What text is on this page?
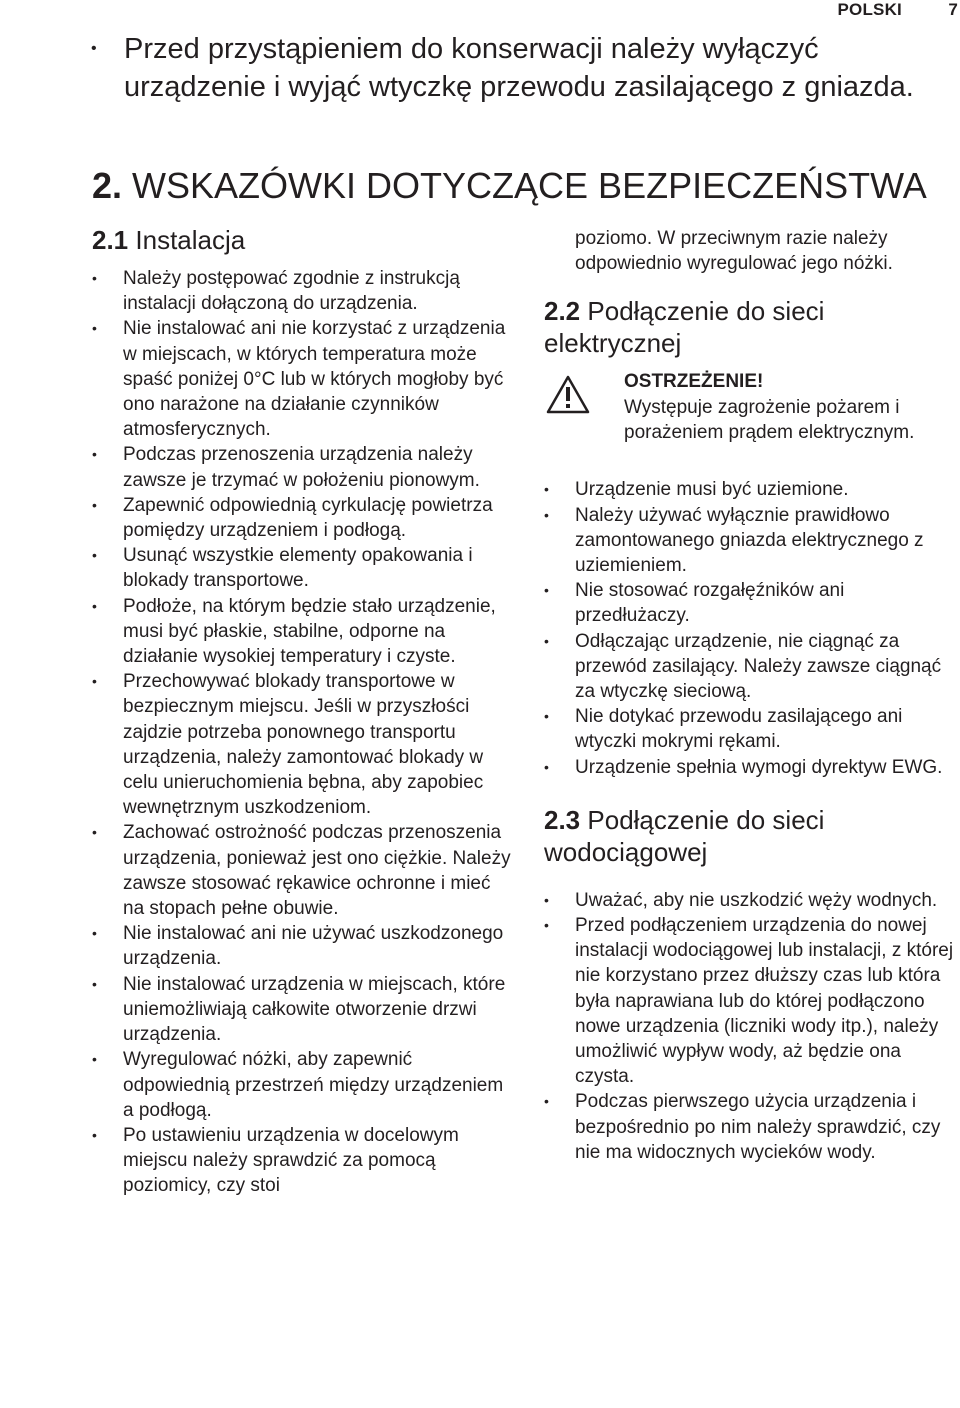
POLSKI	7
• Przed przystąpieniem do konserwacji należy wyłączyć urządzenie i wyjąć wtyczkę przewodu zasilającego z gniazda.
2. WSKAZÓWKI DOTYCZĄCE BEZPIECZEŃSTWA
2.1 Instalacja
• Należy postępować zgodnie z instrukcją instalacji dołączoną do urządzenia.
• Nie instalować ani nie korzystać z urządzenia w miejscach, w których temperatura może spaść poniżej 0°C lub w których mogłoby być ono narażone na działanie czynników atmosferycznych.
• Podczas przenoszenia urządzenia należy zawsze je trzymać w położeniu pionowym.
• Zapewnić odpowiednią cyrkulację powietrza pomiędzy urządzeniem i podłogą.
• Usunąć wszystkie elementy opakowania i blokady transportowe.
• Podłoże, na którym będzie stało urządzenie, musi być płaskie, stabilne, odporne na działanie wysokiej temperatury i czyste.
• Przechowywać blokady transportowe w bezpiecznym miejscu. Jeśli w przyszłości zajdzie potrzeba ponownego transportu urządzenia, należy zamontować blokady w celu unieruchomienia bębna, aby zapobiec wewnętrznym uszkodzeniom.
• Zachować ostrożność podczas przenoszenia urządzenia, ponieważ jest ono ciężkie. Należy zawsze stosować rękawice ochronne i mieć na stopach pełne obuwie.
• Nie instalować ani nie używać uszkodzonego urządzenia.
• Nie instalować urządzenia w miejscach, które uniemożliwiają całkowite otworzenie drzwi urządzenia.
• Wyregulować nóżki, aby zapewnić odpowiednią przestrzeń między urządzeniem a podłogą.
• Po ustawieniu urządzenia w docelowym miejscu należy sprawdzić za pomocą poziomicy, czy stoi
poziomo. W przeciwnym razie należy odpowiednio wyregulować jego nóżki.
2.2 Podłączenie do sieci elektrycznej
OSTRZEŻENIE!
Występuje zagrożenie pożarem i porażeniem prądem elektrycznym.
• Urządzenie musi być uziemione.
• Należy używać wyłącznie prawidłowo zamontowanego gniazda elektrycznego z uziemieniem.
• Nie stosować rozgałęźników ani przedłużaczy.
• Odłączając urządzenie, nie ciągnąć za przewód zasilający. Należy zawsze ciągnąć za wtyczkę sieciową.
• Nie dotykać przewodu zasilającego ani wtyczki mokrymi rękami.
• Urządzenie spełnia wymogi dyrektyw EWG.
2.3 Podłączenie do sieci wodociągowej
• Uważać, aby nie uszkodzić węży wodnych.
• Przed podłączeniem urządzenia do nowej instalacji wodociągowej lub instalacji, z której nie korzystano przez dłuższy czas lub która była naprawiana lub do której podłączono nowe urządzenia (liczniki wody itp.), należy umożliwić wypływ wody, aż będzie ona czysta.
• Podczas pierwszego użycia urządzenia i bezpośrednio po nim należy sprawdzić, czy nie ma widocznych wycieków wody.
